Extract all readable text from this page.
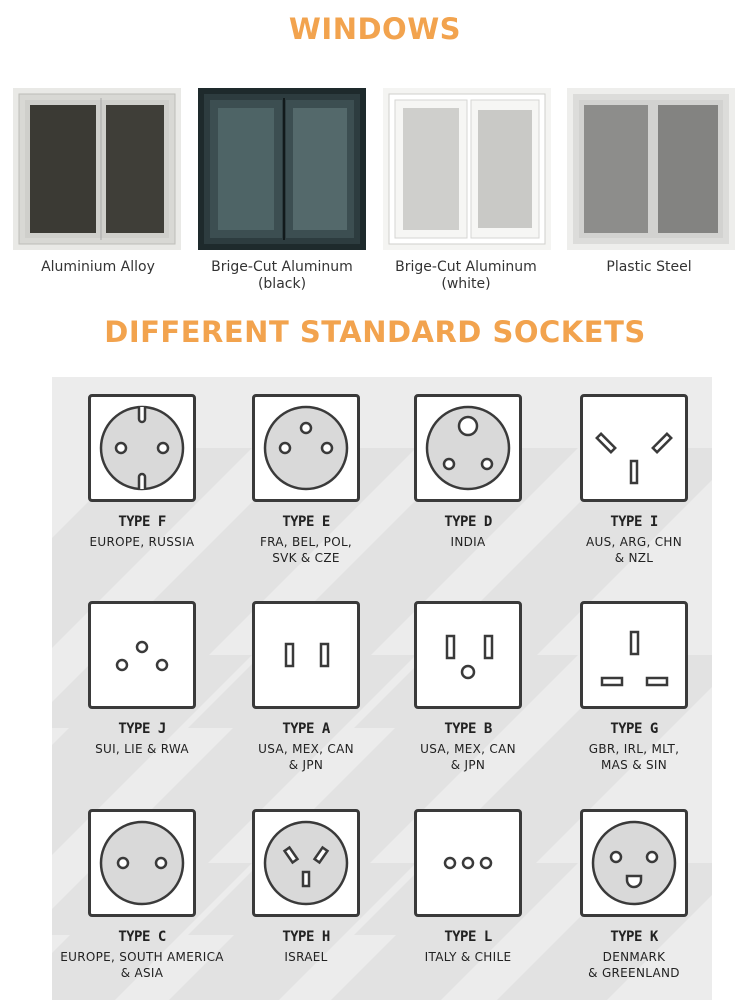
WINDOWS
Aluminium Alloy	Brige-Cut Aluminum
(black)
Brige-Cut Aluminum
(white)
Plastic Steel
DIFFERENT STANDARD SOCKETS
TYPE F
EUROPE, RUSSIA
TYPE E
FRA, BEL, POL,
SVK & CZE
TYPE D
INDIA
TYPE I
AUS, ARG, CHN
& NZL
TYPE J
SUI, LIE & RWA
TYPE A
USA, MEX, CAN
& JPN
TYPE B
USA, MEX, CAN
& JPN
TYPE G
GBR, IRL, MLT,
MAS & SIN
TYPE C
EUROPE, SOUTH AMERICA
& ASIA
TYPE H
ISRAEL
TYPE L
ITALY & CHILE
TYPE K
DENMARK
& GREENLAND
